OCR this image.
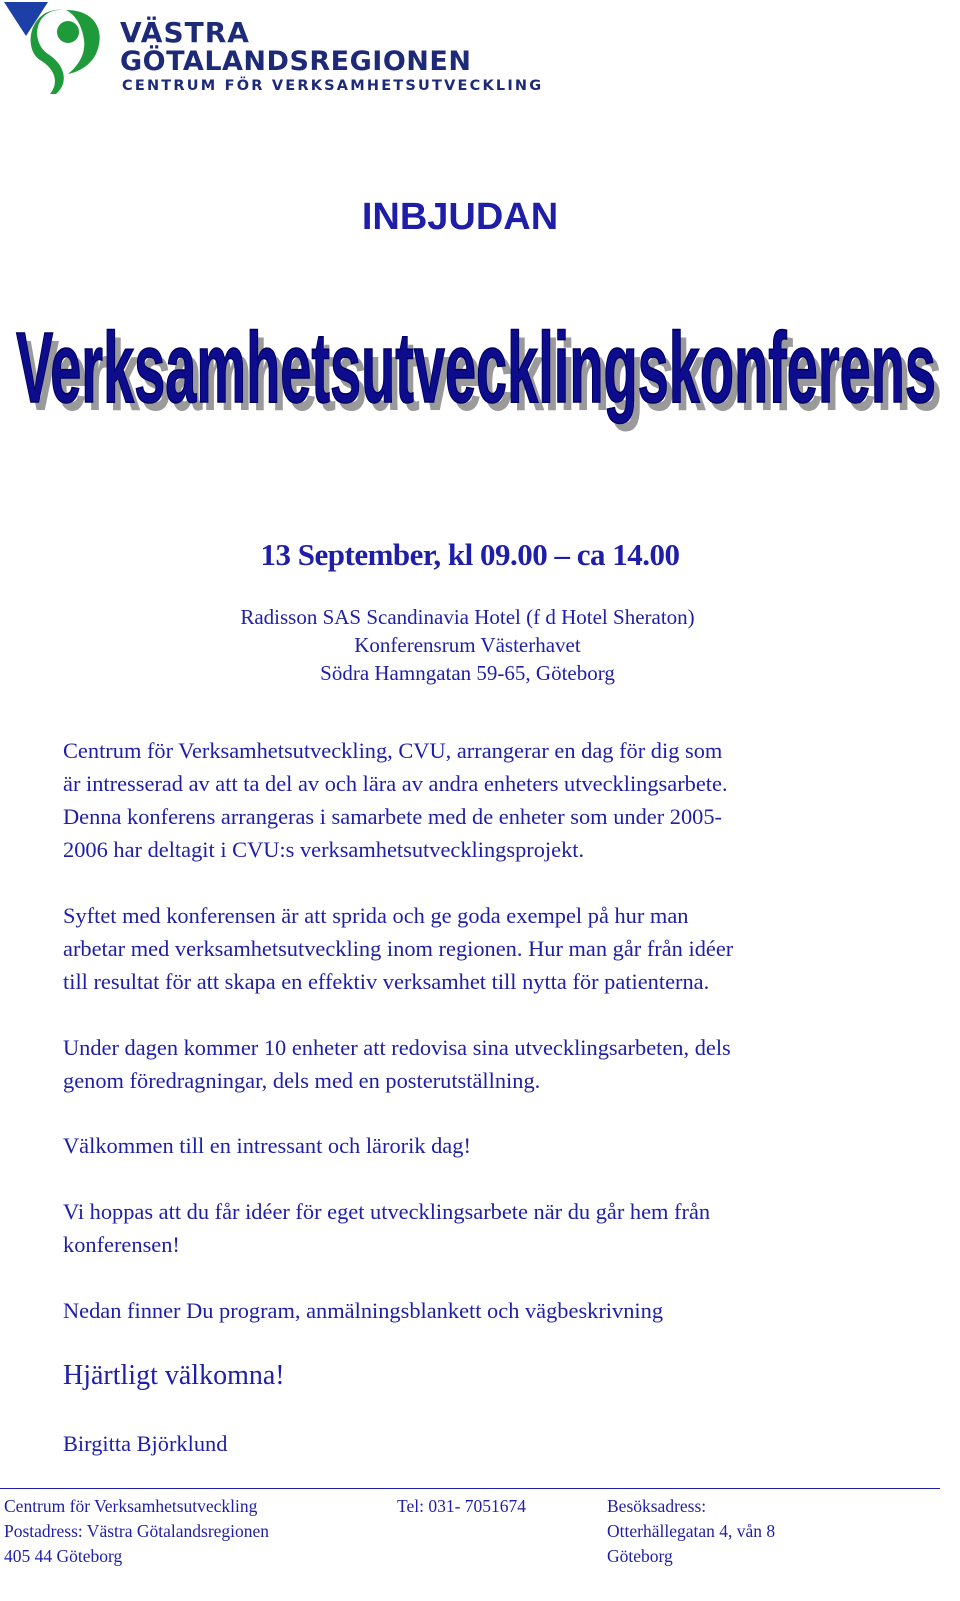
VÄSTRA
GÖTALANDSREGIONEN
CENTRUM FÖR VERKSAMHETSUTVECKLING
INBJUDAN
Verksamhetsutvecklingskonferens
Verksamhetsutvecklingskonferens
13 September, kl 09.00 – ca 14.00
Radisson SAS Scandinavia Hotel (f d Hotel Sheraton)
Konferensrum Västerhavet
Södra Hamngatan 59-65, Göteborg
Centrum för Verksamhetsutveckling, CVU, arrangerar en dag för dig som
är intresserad av att ta del av och lära av andra enheters utvecklingsarbete.
Denna konferens arrangeras i samarbete med de enheter som under 2005-
2006 har deltagit i CVU:s verksamhetsutvecklingsprojekt.
Syftet med konferensen är att sprida och ge goda exempel på hur man
arbetar med verksamhetsutveckling inom regionen. Hur man går från idéer
till resultat för att skapa en effektiv verksamhet till nytta för patienterna.
Under dagen kommer 10 enheter att redovisa sina utvecklingsarbeten, dels
genom föredragningar, dels med en posterutställning.
Välkommen till en intressant och lärorik dag!
Vi hoppas att du får idéer för eget utvecklingsarbete när du går hem från
konferensen!
Nedan finner Du program, anmälningsblankett och vägbeskrivning
Hjärtligt välkomna!
Birgitta Björklund
Centrum för Verksamhetsutveckling
Postadress: Västra Götalandsregionen
405 44 Göteborg
Tel: 031- 7051674	Besöksadress:
Otterhällegatan 4, vån 8
Göteborg
